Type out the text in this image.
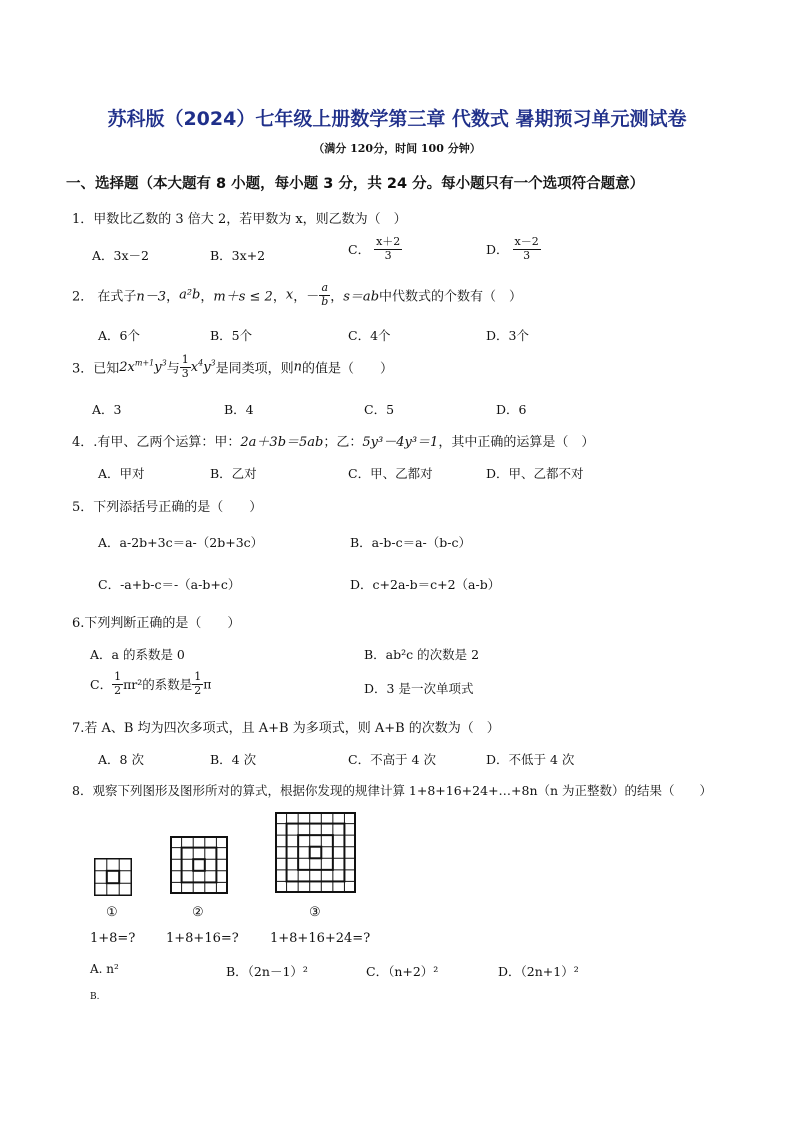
苏科版（2024）七年级上册数学第三章 代数式 暑期预习单元测试卷
（满分 120分，时间 100 分钟）
一、选择题（本大题有 8 小题，每小题 3 分，共 24 分。每小题只有一个选项符合题意）
1．甲数比乙数的 3 倍大 2，若甲数为 x，则乙数为（　）
A．3x－2	B．3x+2	C． $\frac{x+2}{3}$	D． $\frac{x-2}{3}$
2． 在式子n－3，a²b，m＋s ≤ 2，x，－ $\frac{a}{b}$ ，s＝ab中代数式的个数有（　）
A．6个	B．5个	C．4个	D．3个
3．已知$2x^{m+1}y^3$与 $\frac{1}{3} x^4y^3$是同类项，则n的值是（　　）
A．3	B．4	C．5	D．6
4．.有甲、乙两个运算：甲：2a＋3b＝5ab；乙：5y³－4y³＝1，其中正确的运算是（　）
A．甲对	B．乙对	C．甲、乙都对	D．甲、乙都不对
5．下列添括号正确的是（　　）
A．a-2b+3c＝a-（2b+3c）	B．a-b-c＝a-（b-c）
C．-a+b-c＝-（a-b+c）	D．c+2a-b＝c+2（a-b）
6.下列判断正确的是（　　）
A．a 的系数是 0	B．ab²c 的次数是 2
C． $\frac{1}{2} \pi r^2$的系数是 $\frac{1}{2}$ π	D．3 是一次单项式
7.若 A、B 均为四次多项式，且 A+B 为多项式，则 A+B 的次数为（　）
A．8 次	B．4 次	C．不高于 4 次	D．不低于 4 次
8．观察下列图形及图形所对的算式，根据你发现的规律计算 1+8+16+24+…+8n（n 为正整数）的结果（　　）
①	②	③
1+8=? 1+8+16=? 1+8+16+24=?
A. n²	B．（2n－1）²	C．（n+2）²	D．（2n+1）²
B.
